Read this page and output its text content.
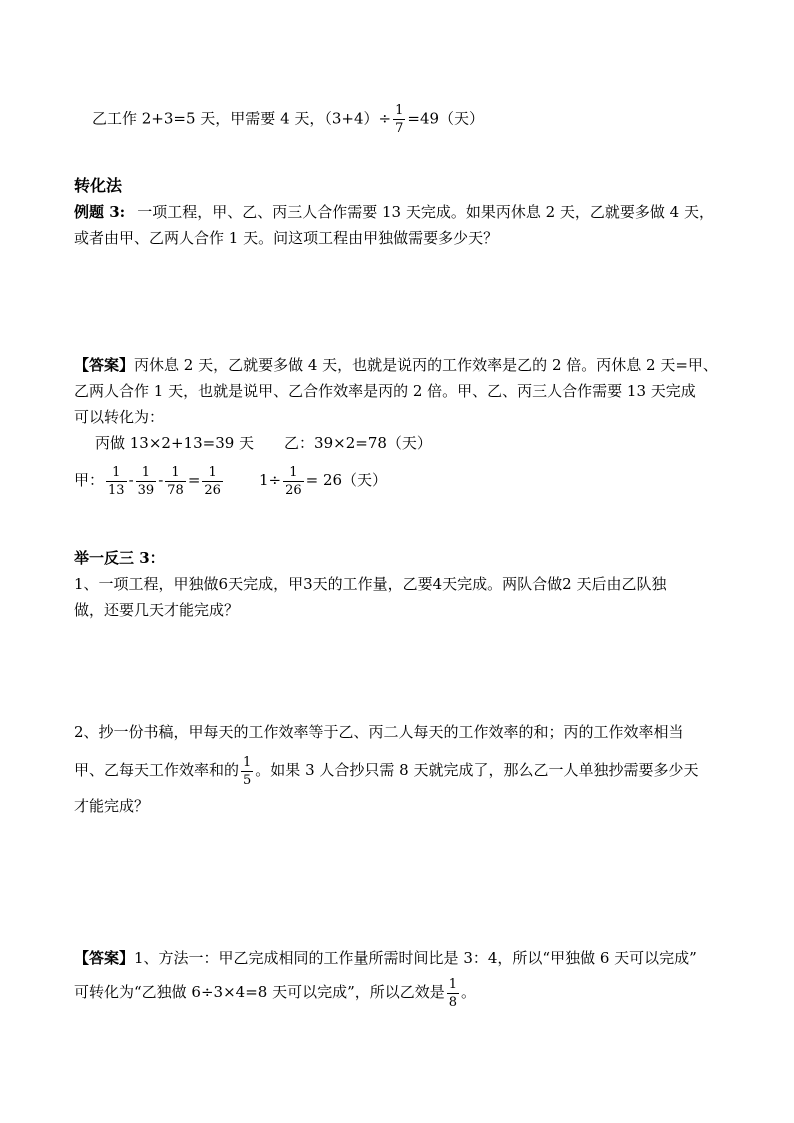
乙工作 2+3=5 天，甲需要 4 天，$(3+4)\div \frac{1}{7} =49$（天）
转化法
例题 3: 一项工程，甲、乙、丙三人合作需要 13 天完成。如果丙休息 2 天，乙就要多做 4 天，
或者由甲、乙两人合作 1 天。问这项工程由甲独做需要多少天？
【答案】丙休息 2 天，乙就要多做 4 天，也就是说丙的工作效率是乙的 2 倍。丙休息 2 天=甲、
乙两人合作 1 天，也就是说甲、乙合作效率是丙的 2 倍。甲、乙、丙三人合作需要 13 天完成
可以转化为：
丙做 13×2+13=39 天 乙：39×2=78（天）
甲： $\frac{1}{13} - \frac{1}{39} - \frac{1}{78} = \frac{1}{26} 1\div \frac{1}{26} = 26$（天）
举一反三 3：
1、一项工程，甲独做6天完成，甲3天的工作量，乙要4天完成。两队合做2 天后由乙队独
做，还要几天才能完成？
2、抄一份书稿，甲每天的工作效率等于乙、丙二人每天的工作效率的和；丙的工作效率相当
甲、乙每天工作效率和的 $\frac{1}{5}$ 。如果 3 人合抄只需 8 天就完成了，那么乙一人单独抄需要多少天
才能完成？
【答案】1、方法一：甲乙完成相同的工作量所需时间比是 3：4，所以“甲独做 6 天可以完成”
可转化为“乙独做 6÷3×4=8 天可以完成”，所以乙效是 $\frac{1}{8}$ 。
